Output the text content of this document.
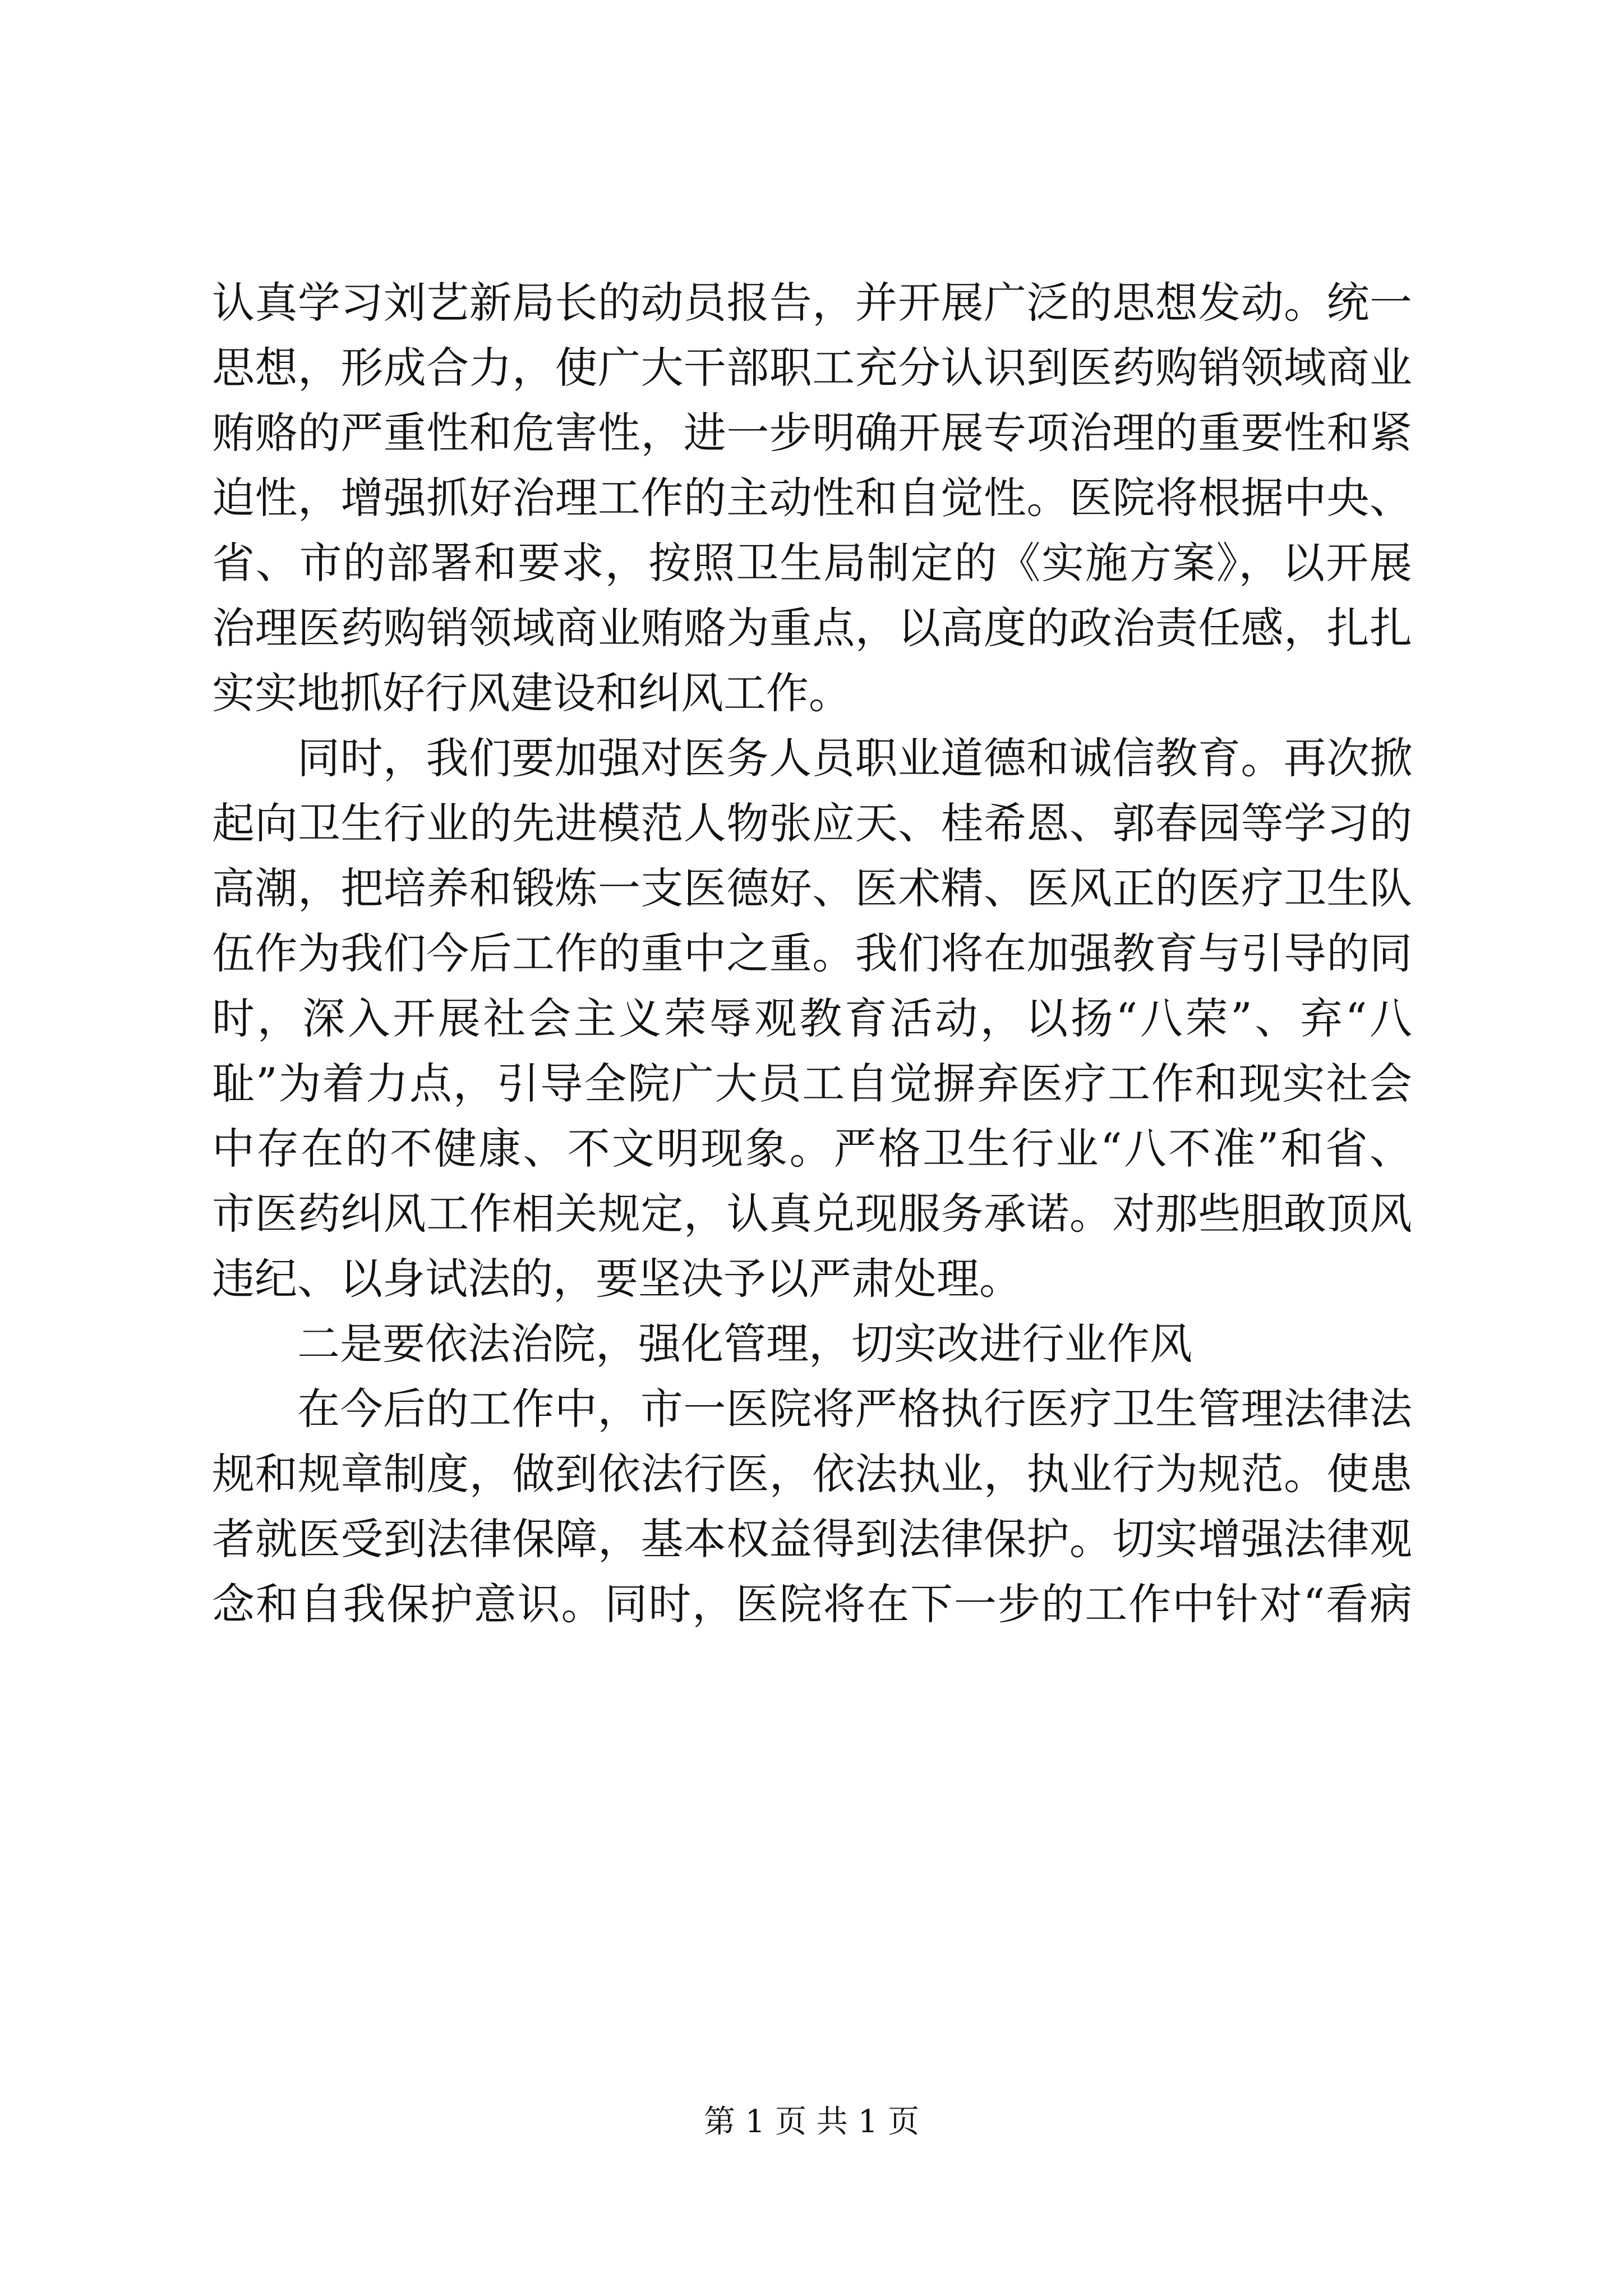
认真学习刘艺新局长的动员报告，并开展广泛的思想发动。统一
思想，形成合力，使广大干部职工充分认识到医药购销领域商业
贿赂的严重性和危害性，进一步明确开展专项治理的重要性和紧
迫性，增强抓好治理工作的主动性和自觉性。医院将根据中央、
省、市的部署和要求，按照卫生局制定的《实施方案》，以开展
治理医药购销领域商业贿赂为重点，以高度的政治责任感，扎扎
实实地抓好行风建设和纠风工作。
同时，我们要加强对医务人员职业道德和诚信教育。再次掀
起向卫生行业的先进模范人物张应天、桂希恩、郭春园等学习的
高潮，把培养和锻炼一支医德好、医术精、医风正的医疗卫生队
伍作为我们今后工作的重中之重。我们将在加强教育与引导的同
时，深入开展社会主义荣辱观教育活动，以扬“八荣”、弃“八
耻”为着力点，引导全院广大员工自觉摒弃医疗工作和现实社会
中存在的不健康、不文明现象。严格卫生行业“八不准”和省、
市医药纠风工作相关规定，认真兑现服务承诺。对那些胆敢顶风
违纪、以身试法的，要坚决予以严肃处理。
二是要依法治院，强化管理，切实改进行业作风
在今后的工作中，市一医院将严格执行医疗卫生管理法律法
规和规章制度，做到依法行医，依法执业，执业行为规范。使患
者就医受到法律保障，基本权益得到法律保护。切实增强法律观
念和自我保护意识。同时，医院将在下一步的工作中针对“看病
第 1 页 共 1 页
